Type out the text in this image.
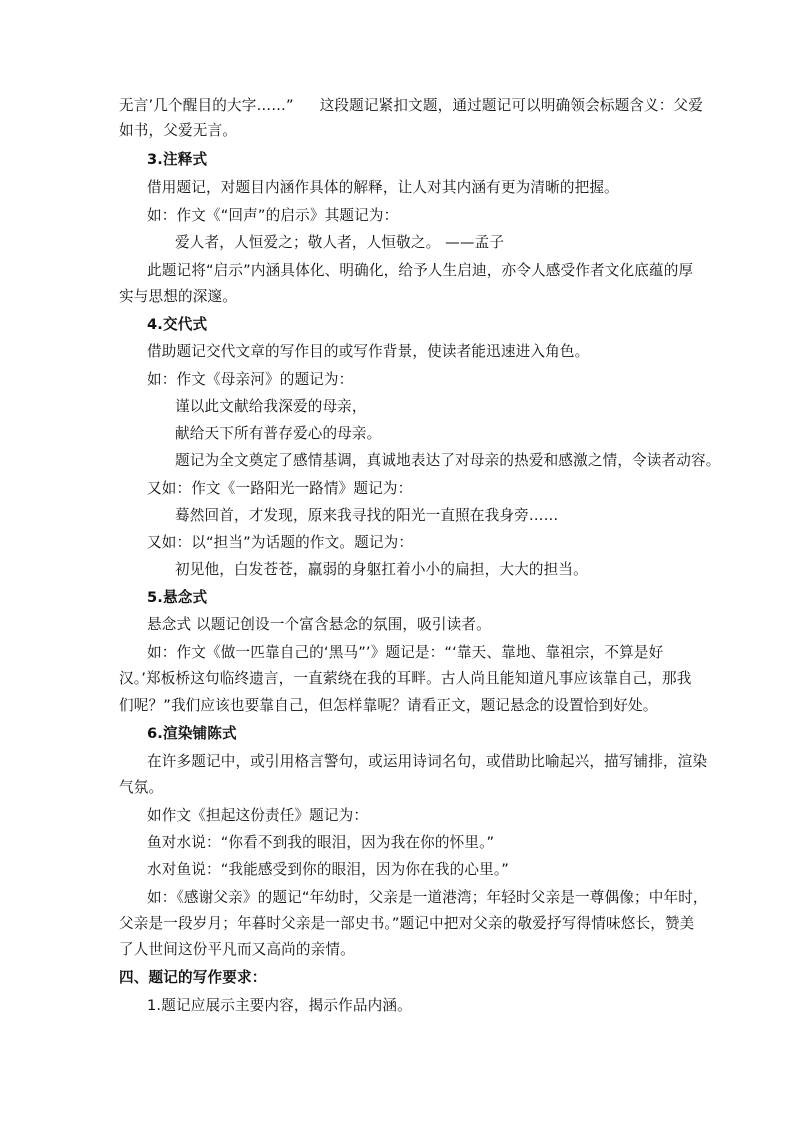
无言’几个醒目的大字……” 这段题记紧扣文题，通过题记可以明确领会标题含义：父爱
如书，父爱无言。
3.注释式
借用题记，对题目内涵作具体的解释，让人对其内涵有更为清晰的把握。
如：作文《“回声”的启示》其题记为：
爱人者，人恒爱之；敬人者，人恒敬之。 ——孟子
此题记将“启示”内涵具体化、明确化，给予人生启迪，亦令人感受作者文化底蕴的厚
实与思想的深邃。
4.交代式
借助题记交代文章的写作目的或写作背景，使读者能迅速进入角色。
如：作文《母亲河》的题记为：
谨以此文献给我深爱的母亲，
献给天下所有普存爱心的母亲。
题记为全文奠定了感情基调，真诚地表达了对母亲的热爱和感激之情，令读者动容。
又如：作文《一路阳光一路情》题记为：
蓦然回首，才发现，原来我寻找的阳光一直照在我身旁……
又如：以“担当”为话题的作文。题记为：
初见他，白发苍苍，羸弱的身躯扛着小小的扁担，大大的担当。
5.悬念式
悬念式 以题记创设一个富含悬念的氛围，吸引读者。
如：作文《做一匹靠自己的‘黑马”’》题记是：“‘靠天、靠地、靠祖宗，不算是好
汉。’郑板桥这句临终遗言，一直萦绕在我的耳畔。古人尚且能知道凡事应该靠自己，那我
们呢？”我们应该也要靠自己，但怎样靠呢？请看正文，题记悬念的设置恰到好处。
6.渲染铺陈式
在许多题记中，或引用格言警句，或运用诗词名句，或借助比喻起兴，描写铺排，渲染
气氛。
如作文《担起这份责任》题记为：
鱼对水说：“你看不到我的眼泪，因为我在你的怀里。”
水对鱼说：“我能感受到你的眼泪，因为你在我的心里。”
如：《感谢父亲》的题记“年幼时，父亲是一道港湾；年轻时父亲是一尊偶像；中年时，
父亲是一段岁月；年暮时父亲是一部史书。”题记中把对父亲的敬爱抒写得情味悠长，赞美
了人世间这份平凡而又高尚的亲情。
四、题记的写作要求：
1.题记应展示主要内容，揭示作品内涵。
